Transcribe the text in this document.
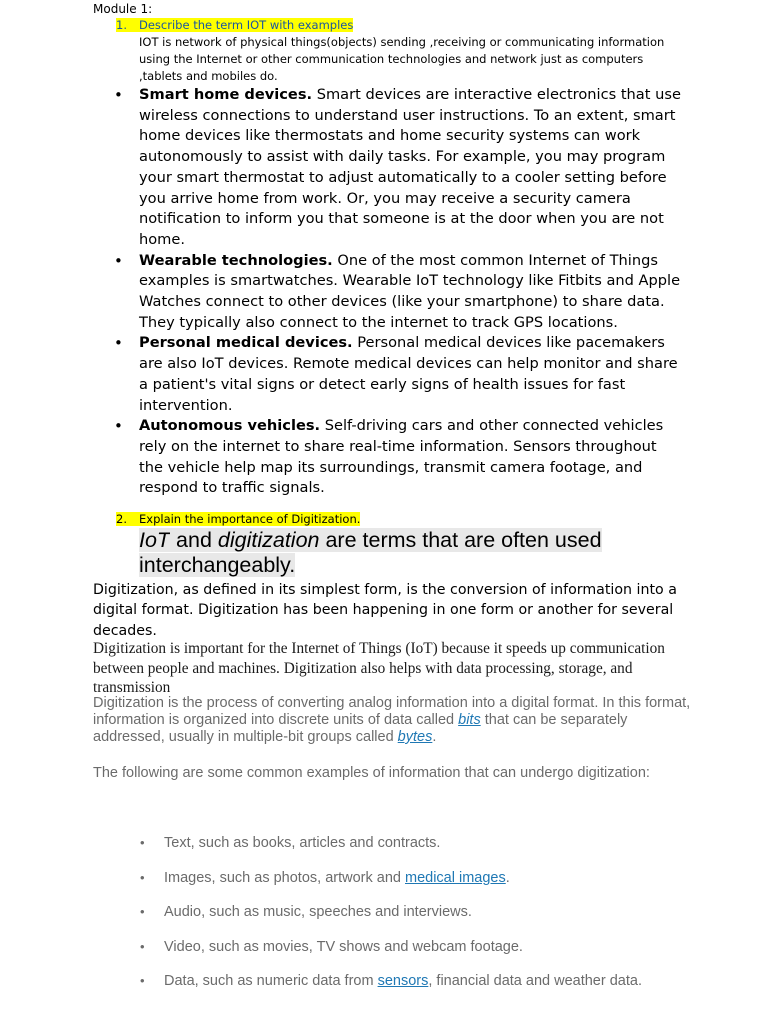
Module 1:
1. Describe the term IOT with examples
IOT is network of physical things(objects) sending ,receiving or communicating information using the Internet or other communication technologies and network just as computers ,tablets and mobiles do.
• Smart home devices. Smart devices are interactive electronics that use wireless connections to understand user instructions. To an extent, smart home devices like thermostats and home security systems can work autonomously to assist with daily tasks. For example, you may program your smart thermostat to adjust automatically to a cooler setting before you arrive home from work. Or, you may receive a security camera notification to inform you that someone is at the door when you are not home.
• Wearable technologies. One of the most common Internet of Things examples is smartwatches. Wearable IoT technology like Fitbits and Apple Watches connect to other devices (like your smartphone) to share data. They typically also connect to the internet to track GPS locations.
• Personal medical devices. Personal medical devices like pacemakers are also IoT devices. Remote medical devices can help monitor and share a patient's vital signs or detect early signs of health issues for fast intervention.
• Autonomous vehicles. Self-driving cars and other connected vehicles rely on the internet to share real-time information. Sensors throughout the vehicle help map its surroundings, transmit camera footage, and respond to traffic signals.
2. Explain the importance of Digitization.
IoT and digitization are terms that are often used interchangeably.
Digitization, as defined in its simplest form, is the conversion of information into a digital format. Digitization has been happening in one form or another for several decades.
Digitization is important for the Internet of Things (IoT) because it speeds up communication between people and machines. Digitization also helps with data processing, storage, and transmission
Digitization is the process of converting analog information into a digital format. In this format, information is organized into discrete units of data called bits that can be separately addressed, usually in multiple-bit groups called bytes.
The following are some common examples of information that can undergo digitization:
• Text, such as books, articles and contracts.
• Images, such as photos, artwork and medical images.
• Audio, such as music, speeches and interviews.
• Video, such as movies, TV shows and webcam footage.
• Data, such as numeric data from sensors, financial data and weather data.
